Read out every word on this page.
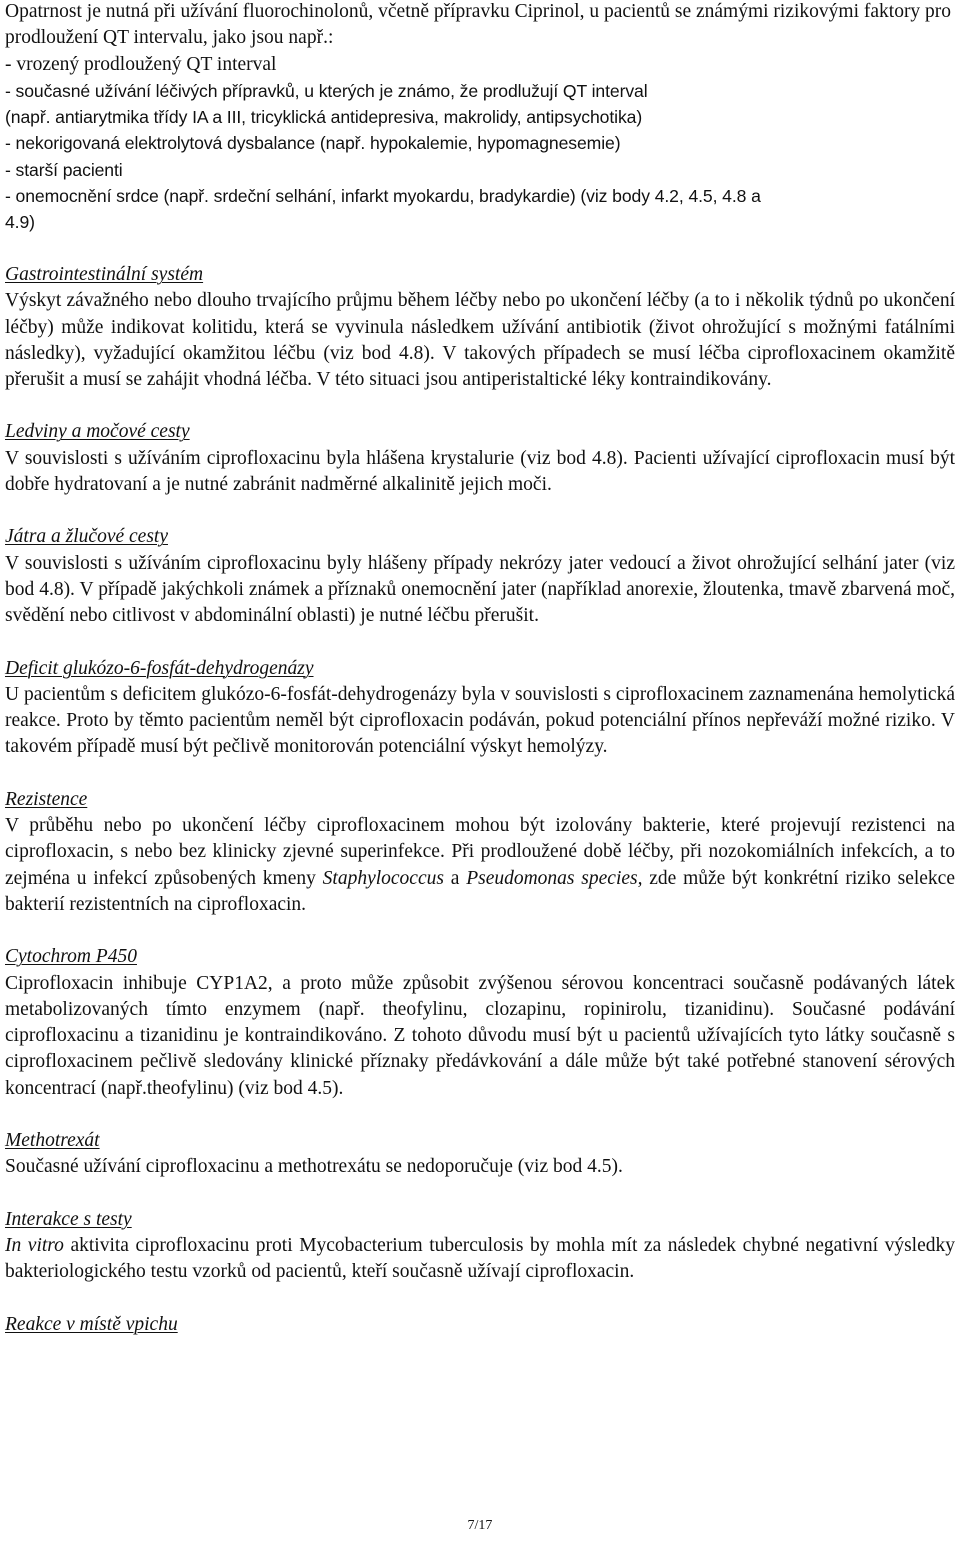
Opatrnost je nutná při užívání fluorochinolonů, včetně přípravku Ciprinol, u pacientů se známými rizikovými faktory pro prodloužení QT intervalu, jako jsou např.:
- vrozený prodloužený QT interval
- současné užívání léčivých přípravků, u kterých je známo, že prodlužují QT interval
(např. antiarytmika třídy IA a III, tricyklická antidepresiva, makrolidy, antipsychotika)
- nekorigovaná elektrolytová dysbalance (např. hypokalemie, hypomagnesemie)
- starší pacienti
- onemocnění srdce (např. srdeční selhání, infarkt myokardu, bradykardie) (viz body 4.2, 4.5, 4.8 a
4.9)
Gastrointestinální systém

Výskyt závažného nebo dlouho trvajícího průjmu během léčby nebo po ukončení léčby (a to i několik týdnů po ukončení léčby) může indikovat kolitidu, která se vyvinula následkem užívání antibiotik (život ohrožující s možnými fatálními následky), vyžadující okamžitou léčbu (viz bod 4.8). V takových případech se musí léčba ciprofloxacinem okamžitě přerušit a musí se zahájit vhodná léčba. V této situaci jsou antiperistaltické léky kontraindikovány.

Ledviny a močové cesty

V souvislosti s užíváním ciprofloxacinu byla hlášena krystalurie (viz bod 4.8). Pacienti užívající ciprofloxacin musí být dobře hydratovaní a je nutné zabránit nadměrné alkalinitě jejich moči.

Játra a žlučové cesty

V souvislosti s užíváním ciprofloxacinu byly hlášeny případy nekrózy jater vedoucí a život ohrožující selhání jater (viz bod 4.8). V případě jakýchkoli známek a příznaků onemocnění jater (například anorexie, žloutenka, tmavě zbarvená moč, svědění nebo citlivost v abdominální oblasti) je nutné léčbu přerušit.

Deficit glukózo-6-fosfát-dehydrogenázy

U pacientům s deficitem glukózo-6-fosfát-dehydrogenázy byla v souvislosti s ciprofloxacinem zaznamenána hemolytická reakce. Proto by těmto pacientům neměl být ciprofloxacin podáván, pokud potenciální přínos nepřeváží možné riziko. V takovém případě musí být pečlivě monitorován potenciální výskyt hemolýzy.

Rezistence

V průběhu nebo po ukončení léčby ciprofloxacinem mohou být izolovány bakterie, které projevují rezistenci na ciprofloxacin, s nebo bez klinicky zjevné superinfekce. Při prodloužené době léčby, při nozokomiálních infekcích, a to zejména u infekcí způsobených kmeny Staphylococcus a Pseudomonas species, zde může být konkrétní riziko selekce bakterií rezistentních na ciprofloxacin.

Cytochrom P450

Ciprofloxacin inhibuje CYP1A2, a proto může způsobit zvýšenou sérovou koncentraci současně podávaných látek metabolizovaných tímto enzymem (např. theofylinu, clozapinu, ropinirolu, tizanidinu). Současné podávání ciprofloxacinu a tizanidinu je kontraindikováno. Z tohoto důvodu musí být u pacientů užívajících tyto látky současně s ciprofloxacinem pečlivě sledovány klinické příznaky předávkování a dále může být také potřebné stanovení sérových koncentrací (např.theofylinu) (viz bod 4.5).

Methotrexát

Současné užívání ciprofloxacinu a methotrexátu se nedoporučuje (viz bod 4.5).

Interakce s testy

In vitro aktivita ciprofloxacinu proti Mycobacterium tuberculosis by mohla mít za následek chybné negativní výsledky bakteriologického testu vzorků od pacientů, kteří současně užívají ciprofloxacin.

Reakce v místě vpichu
7/17
